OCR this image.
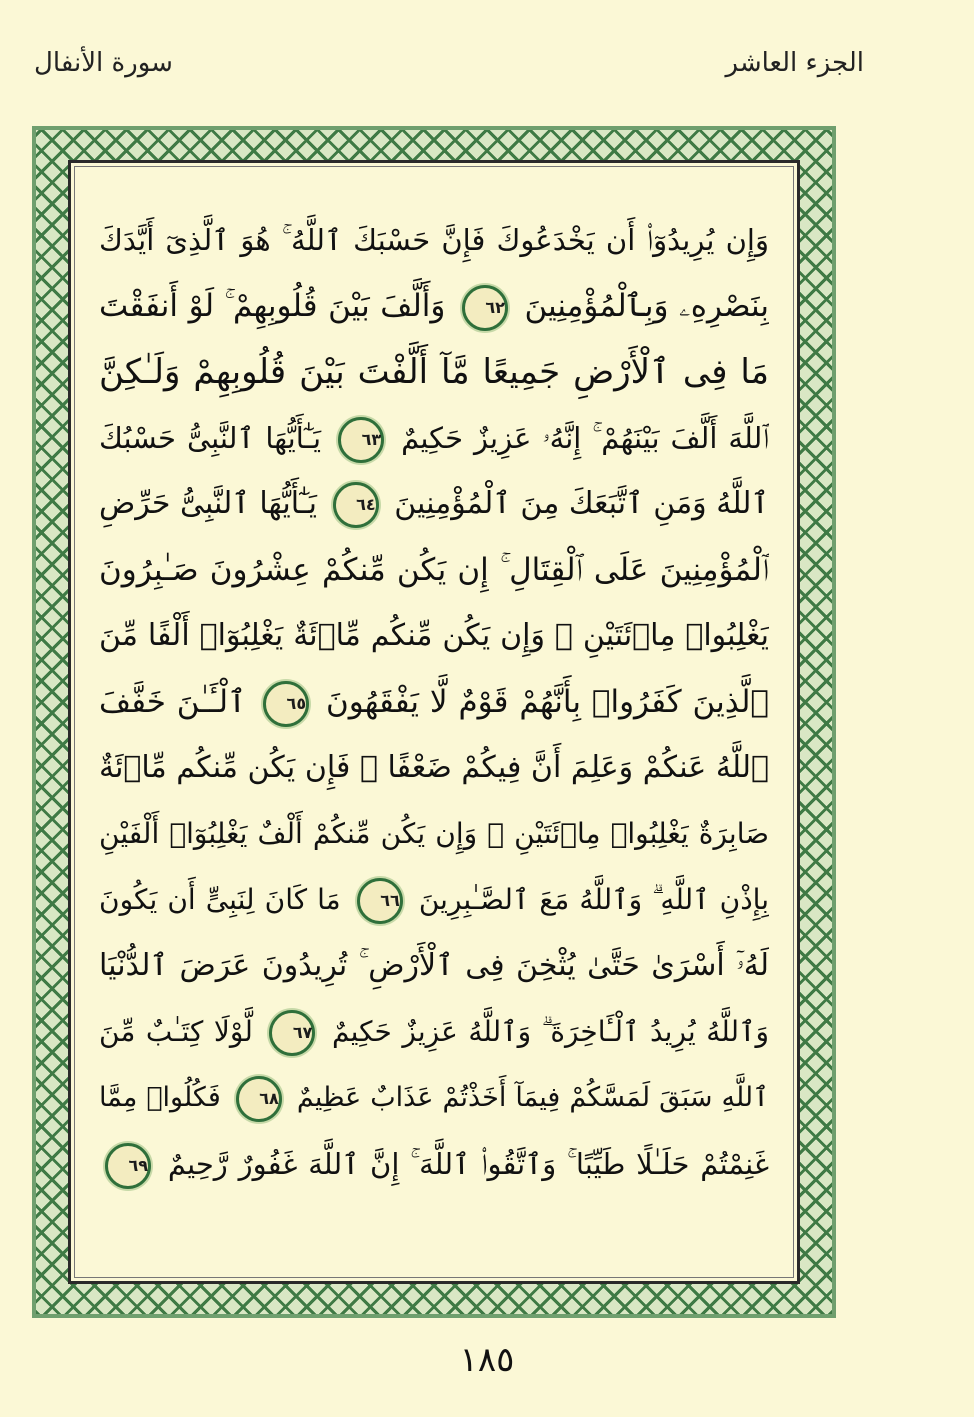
الجزء العاشر
سورة الأنفال
وَإِن يُرِيدُوٓا۟ أَن يَخْدَعُوكَ فَإِنَّ حَسْبَكَ ٱللَّهُ ۚ هُوَ ٱلَّذِىٓ أَيَّدَكَ
بِنَصْرِهِۦ وَبِٱلْمُؤْمِنِينَ ٦٢ وَأَلَّفَ بَيْنَ قُلُوبِهِمْ ۚ لَوْ أَنفَقْتَ
مَا فِى ٱلْأَرْضِ جَمِيعًا مَّآ أَلَّفْتَ بَيْنَ قُلُوبِهِمْ وَلَـٰكِنَّ
ٱللَّهَ أَلَّفَ بَيْنَهُمْ ۚ إِنَّهُۥ عَزِيزٌ حَكِيمٌ ٦٣ يَـٰٓأَيُّهَا ٱلنَّبِىُّ حَسْبُكَ
ٱللَّهُ وَمَنِ ٱتَّبَعَكَ مِنَ ٱلْمُؤْمِنِينَ ٦٤ يَـٰٓأَيُّهَا ٱلنَّبِىُّ حَرِّضِ
ٱلْمُؤْمِنِينَ عَلَى ٱلْقِتَالِ ۚ إِن يَكُن مِّنكُمْ عِشْرُونَ صَـٰبِرُونَ
يَغْلِبُوا۟ مِا۟ئَتَيْنِ ۚ وَإِن يَكُن مِّنكُم مِّا۟ئَةٌ يَغْلِبُوٓا۟ أَلْفًا مِّنَ
ٱلَّذِينَ كَفَرُوا۟ بِأَنَّهُمْ قَوْمٌ لَّا يَفْقَهُونَ ٦٥ ٱلْـَٔـٰنَ خَفَّفَ
ٱللَّهُ عَنكُمْ وَعَلِمَ أَنَّ فِيكُمْ ضَعْفًا ۚ فَإِن يَكُن مِّنكُم مِّا۟ئَةٌ
صَابِرَةٌ يَغْلِبُوا۟ مِا۟ئَتَيْنِ ۚ وَإِن يَكُن مِّنكُمْ أَلْفٌ يَغْلِبُوٓا۟ أَلْفَيْنِ
بِإِذْنِ ٱللَّهِ ۗ وَٱللَّهُ مَعَ ٱلصَّـٰبِرِينَ ٦٦ مَا كَانَ لِنَبِىٍّ أَن يَكُونَ
لَهُۥٓ أَسْرَىٰ حَتَّىٰ يُثْخِنَ فِى ٱلْأَرْضِ ۚ تُرِيدُونَ عَرَضَ ٱلدُّنْيَا
وَٱللَّهُ يُرِيدُ ٱلْـَٔاخِرَةَ ۗ وَٱللَّهُ عَزِيزٌ حَكِيمٌ ٦٧ لَّوْلَا كِتَـٰبٌ مِّنَ
ٱللَّهِ سَبَقَ لَمَسَّكُمْ فِيمَآ أَخَذْتُمْ عَذَابٌ عَظِيمٌ ٦٨ فَكُلُوا۟ مِمَّا
غَنِمْتُمْ حَلَـٰلًا طَيِّبًا ۚ وَٱتَّقُوا۟ ٱللَّهَ ۚ إِنَّ ٱللَّهَ غَفُورٌ رَّحِيمٌ ٦٩
١٨٥
